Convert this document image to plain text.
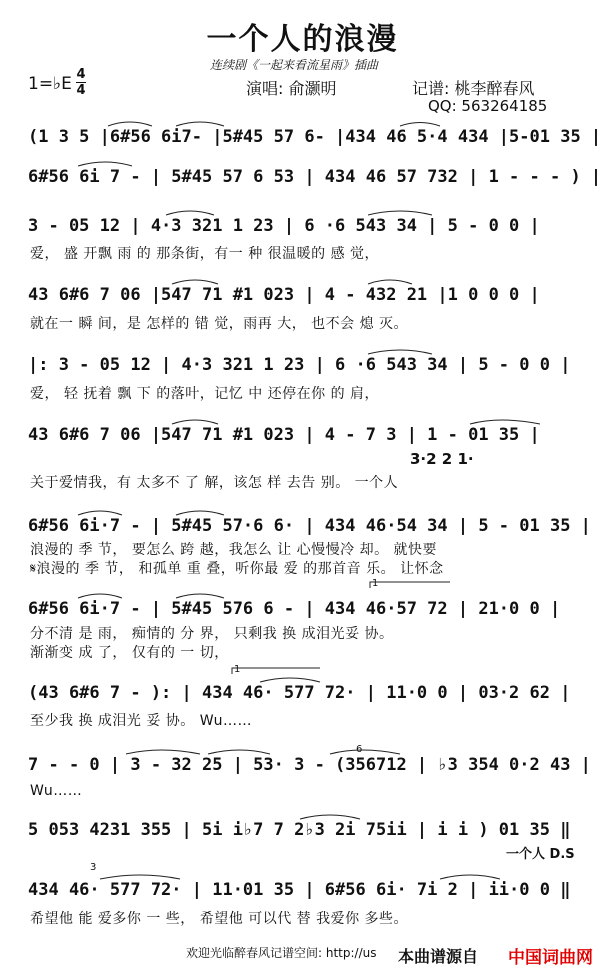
一个人的浪漫
连续剧《一起来看流星雨》插曲
1=♭E 4
4	演唱: 俞灏明	记谱: 桃李醉春风
QQ: 563264185
(1 3 5 |6#56 6i7- |5#45 57 6- |434 46 5·4 434 |5-01 35 |
6#56 6i 7 - | 5#45 57 6 53 | 434 46 57 732 | 1 - - - ) |
3 - 05 12 | 4·3 321 1 23 | 6 ·6 543 34 | 5 - 0 0 |
爱， 盛 开飘 雨 的 那条街，有一 种 很温暖的 感 觉，
43 6#6 7 06 |547 71 #1 023 | 4 - 432 21 |1 0 0 0 |
就在一 瞬 间，是 怎样的 错 觉，雨再 大， 也不会 熄 灭。
|: 3 - 05 12 | 4·3 321 1 23 | 6 ·6 543 34 | 5 - 0 0 |
爱， 轻 抚着 飘 下 的落叶，记忆 中 还停在你 的 肩，
43 6#6 7 06 |547 71 #1 023 | 4 - 7 3 | 1 - 01 35 |
3·2 2 1·
关于爱情我，有 太多不 了 解，该怎 样 去告 别。 一个人
6#56 6i·7 - | 5#45 57·6 6· | 434 46·54 34 | 5 - 01 35 |
浪漫的 季 节， 要怎么 跨 越，我怎么 让 心慢慢冷 却。 就快要
𝄋浪漫的 季 节， 和孤单 重 叠，听你最 爱 的那首音 乐。 让怀念
6#56 6i·7 - | 5#45 576 6 - | 434 46·57 72 | 21·0 0 |
分不清 是 雨， 痴情的 分 界， 只剩我 换 成泪光妥 协。
渐渐变 成 了， 仅有的 一 切，
(43 6#6 7 - ): | 434 46· 577 72· | 11·0 0 | 03·2 62 |
至少我 换 成泪光 妥 协。 Wu……
7 - - 0 | 3 - 32 25 | 53· 3 - (356712 | ♭3 354 0·2 43 |
Wu……
5 053 4231 355 | 5i i♭7 7 2♭3 2i 75ii | i i ) 01 35 ‖
一个人 D.S
434 46· 577 72· | 11·01 35 | 6#56 6i· 7i 2 | ii·0 0 ‖
希望他 能 爱多你 一 些， 希望他 可以代 替 我爱你 多些。
1
1
6
3
欢迎光临醉春风记谱空间: http://us 本曲谱源自 中国词曲网
